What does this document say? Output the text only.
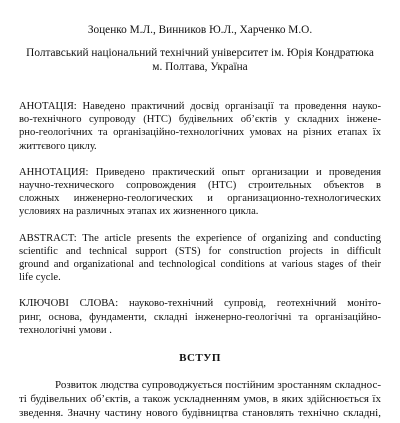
Зоценко М.Л., Винников Ю.Л., Харченко М.О.
Полтавський національний технічний університет ім. Юрія Кондратюка
м. Полтава, Україна
АНОТАЦІЯ: Наведено практичний досвід організації та проведення науко-
во-технічного супроводу (НТС) будівельних об’єктів у складних інжене-
рно-геологічних та організаційно-технологічних умовах на різних етапах їх
життєвого циклу.
АННОТАЦИЯ: Приведено практический опыт организации и проведения
научно-технического сопровождения (НТС) строительных объектов в
сложных инженерно-геологических и организационно-технологических
условиях на различных этапах их жизненного цикла.
ABSTRACT: The article presents the experience of organizing and conducting
scientific and technical support (STS) for construction projects in difficult
ground and organizational and technological conditions at various stages of their
life cycle.
КЛЮЧОВІ СЛОВА: науково-технічний супровід, геотехнічний моніто-
ринг, основа, фундаменти, складні інженерно-геологічні та організаційно-
технологічні умови .
ВСТУП
Розвиток людства супроводжується постійним зростанням складнос-
ті будівельних об’єктів, а також ускладненням умов, в яких здійснюється їх
зведення. Значну частину нового будівництва становлять технічно складні,
